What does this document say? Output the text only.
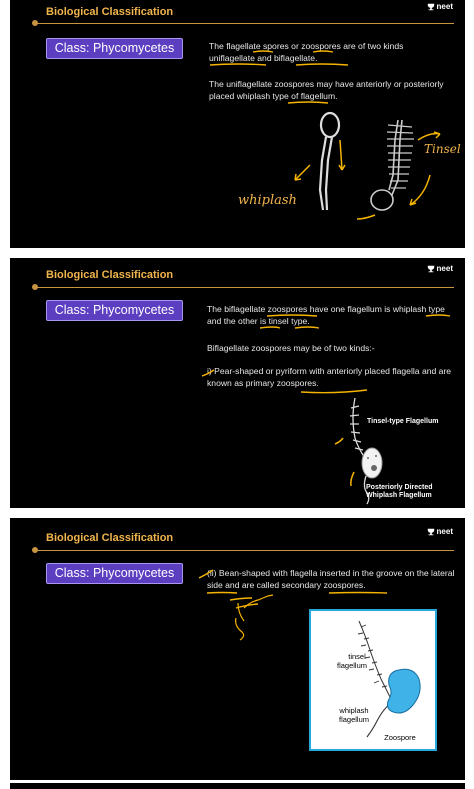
Biological Classification	neet
Class: Phycomycetes	The flagellate spores or zoospores are of two kinds uniflagellate and biflagellate.
The uniflagellate zoospores may have anteriorly or posteriorly placed whiplash type of flagellum.
whiplash
Tinsel
Biological Classification
neet
Class: Phycomycetes	The biflagellate zoospores have one flagellum is whiplash type and the other is tinsel type.
Biflagellate zoospores may be of two kinds:-
i) Pear-shaped or pyriform with anteriorly placed flagella and are known as primary zoospores.
Tinsel-type Flagellum
Posteriorly Directed
Whiplash Flagellum
Biological Classification
neet
Class: Phycomycetes	(ii) Bean-shaped with flagella inserted in the groove on the lateral side and are called secondary zoospores.
tinsel
flagellum
whiplash
flagellum
Zoospore
